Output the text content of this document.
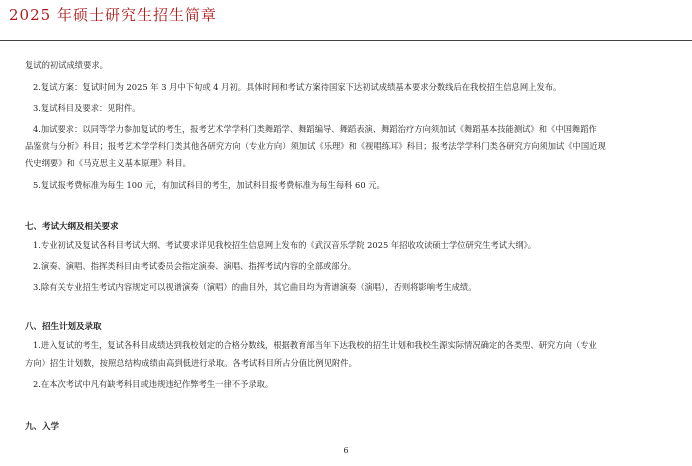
2025 年硕士研究生招生简章
复试的初试成绩要求。
2.复试方案：复试时间为 2025 年 3 月中下旬或 4 月初。具体时间和考试方案待国家下达初试成绩基本要求分数线后在我校招生信息网上发布。
3.复试科目及要求：见附件。
4.加试要求：以同等学力参加复试的考生，报考艺术学学科门类舞蹈学、舞蹈编导、舞蹈表演、舞蹈治疗方向须加试《舞蹈基本技能测试》和《中国舞蹈作
品鉴赏与分析》科目；报考艺术学学科门类其他各研究方向（专业方向）须加试《乐理》和《视唱练耳》科目；报考法学学科门类各研究方向须加试《中国近现
代史纲要》和《马克思主义基本原理》科目。
5.复试报考费标准为每生 100 元，有加试科目的考生，加试科目报考费标准为每生每科 60 元。
七、考试大纲及相关要求
1.专业初试及复试各科目考试大纲、考试要求详见我校招生信息网上发布的《武汉音乐学院 2025 年招收攻读硕士学位研究生考试大纲》。
2.演奏、演唱、指挥类科目由考试委员会指定演奏、演唱、指挥考试内容的全部或部分。
3.除有关专业招生考试内容规定可以视谱演奏（演唱）的曲目外，其它曲目均为背谱演奏（演唱），否则将影响考生成绩。
八、招生计划及录取
1.进入复试的考生，复试各科目成绩达到我校划定的合格分数线，根据教育部当年下达我校的招生计划和我校生源实际情况确定的各类型、研究方向（专业
方向）招生计划数，按照总结构成绩由高到低进行录取。各考试科目所占分值比例见附件。
2.在本次考试中凡有缺考科目或违规违纪作弊考生一律不予录取。
九、入学
6
